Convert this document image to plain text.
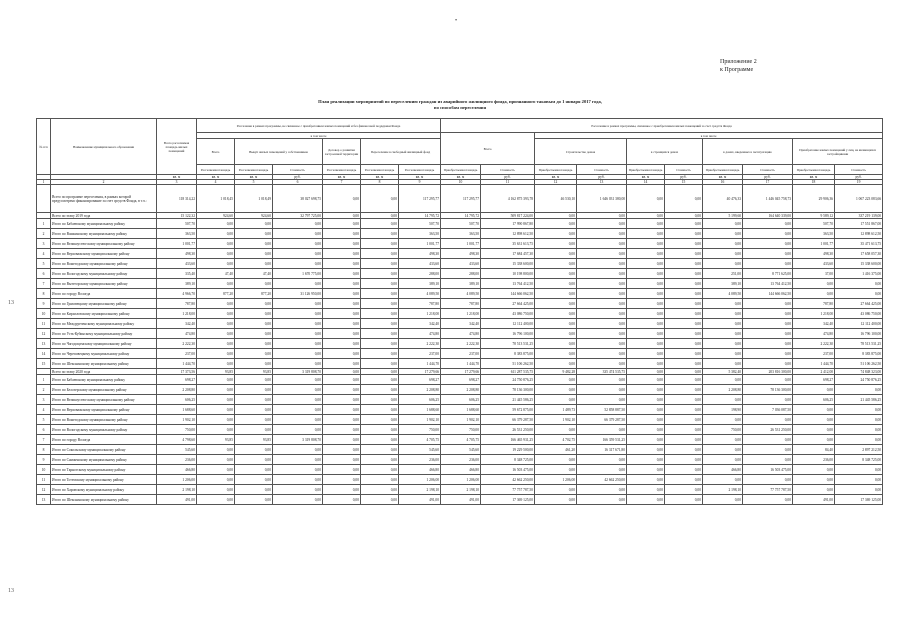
•
Приложение 2
к Программе
План реализации мероприятий по переселению граждан из аварийного жилищного фонда, признанного таковым до 1 января 2017 года,
по способам переселения
13
13
№ п/п	Наименование муниципального образования	Всего расселяемая площадь жилых помещений	Расселение в рамках программы, не связанное с приобретением жилых помещений и без финансовой поддержки Фонда						Расселение в рамках программы, связанное с приобретением жилых помещений за счет средств Фонда									
			в том числе						Всего		в том числе							
			Всего	Выкуп жилых помещений у собственников		Договор о развитии застроенной территории	Переселение в свободный жилищный фонд				Строительство домов		в строящихся домах		в домах, введенных в эксплуатацию		Приобретение жилых помещений у лиц, не являющихся застройщиками	
			Расселяемая площадь	Расселяемая площадь	Стоимость	Расселяемая площадь	Расселяемая площадь	Расселяемая площадь	Приобретаемая площадь	Стоимость	Приобретаемая площадь	Стоимость	Приобретаемая площадь	Стоимость	Приобретаемая площадь	Стоимость	Приобретаемая площадь	Стоимость
		кв. м	кв. м	кв. м	руб.	кв. м	кв. м	кв. м	кв. м	руб.	кв. м	руб.	кв. м	руб.	кв. м	руб.	кв. м	руб.
1	2	3	4	5	6	7	8	9	10	11	12	13	14	15	16	17	18	19
	Всего по программе переселения, в рамках которой предусмотрено финансирование за счет средств Фонда, в т.ч.:	118 314,22	1 018,45	1 018,49	38 027 698,75	0,00	0,00	117 295,77	117 295,77	4 162 875 393,78	46 530,10	1 646 031 380,00	0,00	0,00	40 476,33	1 446 045 758,73	29 906,36	1 067 223 083,66
	Всего по этапу 2019 года	15 122,32	924,60	924,60	32 797 725,00	0,00	0,00	14 795,72	14 795,72	509 817 224,00	0,00	0,00	0,00	0,00	5 199,60	164 640 339,00	9 589,12	337 219 139,00
1	Итого по Бабаевскому муниципальному району	507,70	0,00	0,00	0,00	0,00	0,00	507,70	507,70	17 990 867,80	0,00	0,00	0,00	0,00	0,00	0,00	507,70	17 551 867,00
2	Итого по Вашкинскому муниципальному району	363,50	0,00	0,00	0,00	0,00	0,00	363,50	363,50	12 898 612,50	0,00	0,00	0,00	0,00	0,00	0,00	363,50	12 898 612,50
3	Итого по Великоустюгскому муниципальному району	1 001,77	0,00	0,00	0,00	0,00	0,00	1 001,77	1 001,77	35 631 613,75	0,00	0,00	0,00	0,00	0,00	0,00	1 001,77	35 471 613,75
4	Итого по Верховажскому муниципальному району	498,30	0,00	0,00	0,00	0,00	0,00	498,30	498,30	17 684 457,30	0,00	0,00	0,00	0,00	0,00	0,00	498,30	17 658 057,30
5	Итого по Вожегодскому муниципальному району	433,60	0,00	0,00	0,00	0,00	0,00	433,60	433,60	15 338 600,00	0,00	0,00	0,00	0,00	0,00	0,00	433,60	15 338 600,00
6	Итого по Вологодскому муниципальному району	335,40	47,40	47,40	1 670 775,00	0,00	0,00	288,00	288,00	10 198 800,00	0,00	0,00	0,00	0,00	251,00	8 771 625,00	37,00	1 416 375,00
7	Итого по Вытегорскому муниципальному району	389,10	0,00	0,00	0,00	0,00	0,00	389,10	389,10	13 764 412,50	0,00	0,00	0,00	0,00	389,10	13 764 412,50	0,00	0,00
8	Итого по городу Вологда	4 966,70	877,20	877,20	31 126 950,00	0,00	0,00	4 089,50	4 089,50	144 666 062,50	0,00	0,00	0,00	0,00	4 089,50	144 666 062,50	0,00	0,00
9	Итого по Грязовецкому муниципальному району	787,80	0,00	0,00	0,00	0,00	0,00	787,80	787,80	27 664 425,00	0,00	0,00	0,00	0,00	0,00	0,00	787,80	27 664 425,00
10	Итого по Кирилловскому муниципальному району	1 218,00	0,00	0,00	0,00	0,00	0,00	1 218,00	1 218,00	43 086 750,00	0,00	0,00	0,00	0,00	0,00	0,00	1 218,00	43 086 750,00
11	Итого по Междуреченскому муниципальному району	342,40	0,00	0,00	0,00	0,00	0,00	342,40	342,40	12 112 400,00	0,00	0,00	0,00	0,00	0,00	0,00	342,40	12 112 400,00
12	Итого по Усть-Кубинскому муниципальному району	474,80	0,00	0,00	0,00	0,00	0,00	474,80	474,80	16 796 100,00	0,00	0,00	0,00	0,00	0,00	0,00	474,80	16 796 100,00
13	Итого по Чагодощенскому муниципальному району	2 222,30	0,00	0,00	0,00	0,00	0,00	2 222,30	2 222,30	78 513 531,25	0,00	0,00	0,00	0,00	0,00	0,00	2 222,30	78 513 531,25
14	Итого по Череповецкому муниципальному району	237,00	0,00	0,00	0,00	0,00	0,00	237,00	237,00	8 383 875,00	0,00	0,00	0,00	0,00	0,00	0,00	237,00	8 383 875,00
15	Итого по Шекснинскому муниципальному району	1 444,70	0,00	0,00	0,00	0,00	0,00	1 444,70	1 444,70	51 106 262,50	0,00	0,00	0,00	0,00	0,00	0,00	1 444,70	51 106 262,50
	Всего по этапу 2020 года	17 373,56	93,85	93,85	3 319 808,70	0,00	0,00	17 279,66	17 279,66	611 287 535,75	9 482,28	335 474 535,75	0,00	0,00	5 382,40	203 816 300,00	2 412,00	74 848 323,00
1	Итого по Бабаевскому муниципальному району	698,27	0,00	0,00	0,00	0,00	0,00	698,27	698,27	24 750 876,25	0,00	0,00	0,00	0,00	0,00	0,00	698,27	24 750 876,25
2	Итого по Белозерскому муниципальному району	2 208,80	0,00	0,00	0,00	0,00	0,00	2 208,80	2 208,80	78 136 300,00	0,00	0,00	0,00	0,00	2 208,80	78 136 300,00	0,00	0,00
3	Итого по Великоустюгскому муниципальному району	606,25	0,00	0,00	0,00	0,00	0,00	606,25	606,25	21 445 586,25	0,00	0,00	0,00	0,00	0,00	0,00	606,25	21 445 586,25
4	Итого по Верховажскому муниципальному району	1 688,60	0,00	0,00	0,00	0,00	0,00	1 688,60	1 688,60	59 672 875,00	1 489,73	52 858 887,50	0,00	0,00	198,90	7 036 087,50	0,00	0,00
5	Итого по Вожегодскому муниципальному району	1 902,10	0,00	0,00	0,00	0,00	0,00	1 902,10	1 902,10	66 379 287,50	1 902,10	66 379 287,50	0,00	0,00	0,00	0,00	0,00	0,00
6	Итого по Вологодскому муниципальному району	750,00	0,00	0,00	0,00	0,00	0,00	750,00	750,00	26 531 250,00	0,00	0,00	0,00	0,00	750,00	26 531 250,00	0,00	0,00
7	Итого по городу Вологда	4 798,60	93,85	93,85	3 319 808,70	0,00	0,00	4 705,75	4 705,75	166 465 931,25	4 702,75	166 359 531,25	0,00	0,00	0,00	0,00	0,00	0,00
8	Итого по Сокольскому муниципальному району	545,60	0,00	0,00	0,00	0,00	0,00	545,60	545,60	19 229 500,00	461,20	16 317 671,80	0,00	0,00	0,00	0,00	84,40	2 897 212,50
9	Итого по Сямженскому муниципальному району	236,00	0,00	0,00	0,00	0,00	0,00	236,00	236,00	8 348 725,00	0,00	0,00	0,00	0,00	0,00	0,00	236,00	8 348 725,00
10	Итого по Тарногскому муниципальному району	466,80	0,00	0,00	0,00	0,00	0,00	466,80	466,80	16 503 475,00	0,00	0,00	0,00	0,00	466,80	16 503 475,00	0,00	0,00
11	Итого по Тотемскому муниципальному району	1 206,00	0,00	0,00	0,00	0,00	0,00	1 206,00	1 206,00	42 662 250,00	1 206,00	42 662 250,00	0,00	0,00	0,00	0,00	0,00	0,00
12	Итого по Харовскому муниципальному району	2 198,10	0,00	0,00	0,00	0,00	0,00	2 198,10	2 198,10	77 757 787,50	0,00	0,00	0,00	0,00	2 198,10	77 757 787,50	0,00	0,00
13	Итого по Шекснинскому муниципальному району	491,00	0,00	0,00	0,00	0,00	0,00	491,00	491,00	17 369 125,00	0,00	0,00	0,00	0,00	0,00	0,00	491,00	17 369 125,00
